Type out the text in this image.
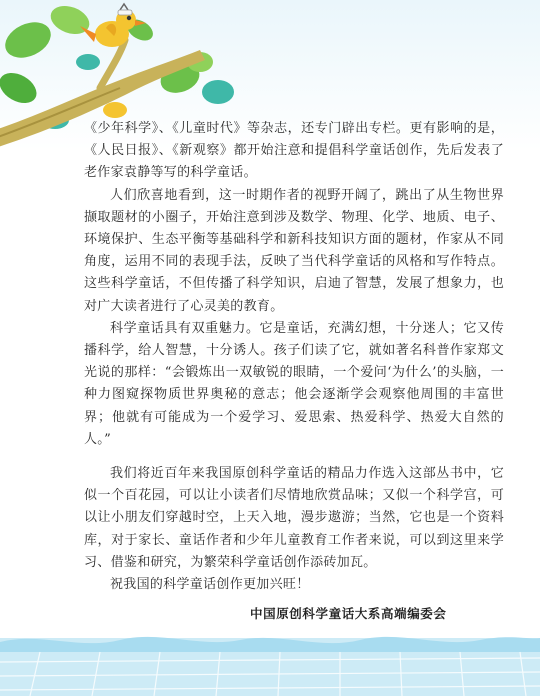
《少年科学》、《儿童时代》等杂志，还专门辟出专栏。更有影响的是，《人民日报》、《新观察》都开始注意和提倡科学童话创作，先后发表了老作家袁静等写的科学童话。

人们欣喜地看到，这一时期作者的视野开阔了，跳出了从生物世界撷取题材的小圈子，开始注意到涉及数学、物理、化学、地质、电子、环境保护、生态平衡等基础科学和新科技知识方面的题材，作家从不同角度，运用不同的表现手法，反映了当代科学童话的风格和写作特点。这些科学童话，不但传播了科学知识，启迪了智慧，发展了想象力，也对广大读者进行了心灵美的教育。

科学童话具有双重魅力。它是童话，充满幻想，十分迷人；它又传播科学，给人智慧，十分诱人。孩子们读了它，就如著名科普作家郑文光说的那样：“会锻炼出一双敏锐的眼睛，一个爱问‘为什么’的头脑，一种力图窥探物质世界奥秘的意志；他会逐渐学会观察他周围的丰富世界；他就有可能成为一个爱学习、爱思索、热爱科学、热爱大自然的人。”

我们将近百年来我国原创科学童话的精品力作选入这部丛书中，它似一个百花园，可以让小读者们尽情地欣赏品味；又似一个科学宫，可以让小朋友们穿越时空，上天入地，漫步遨游；当然，它也是一个资料库，对于家长、童话作者和少年儿童教育工作者来说，可以到这里来学习、借鉴和研究，为繁荣科学童话创作添砖加瓦。

祝我国的科学童话创作更加兴旺！

中国原创科学童话大系高端编委会
